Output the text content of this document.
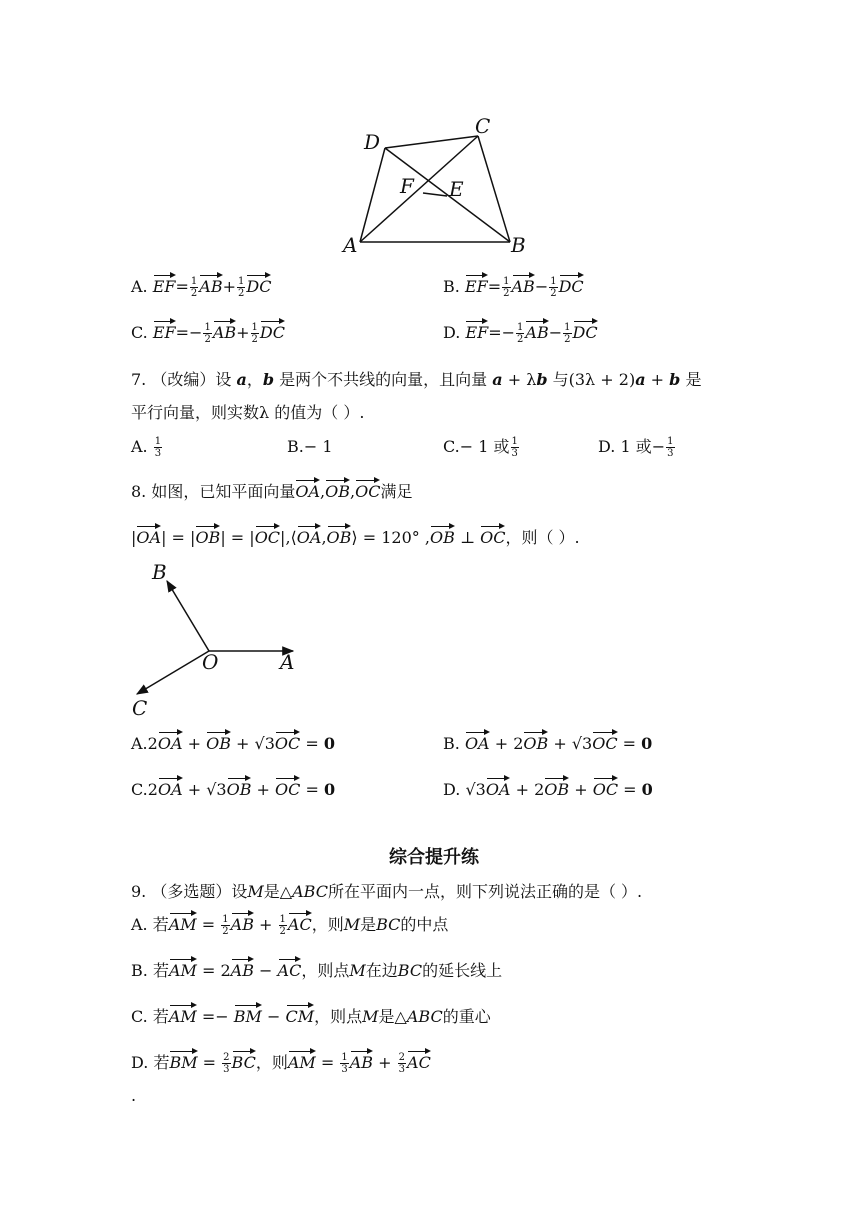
D
C
F E
A	B
A. $EF= \frac{1}{2} AB+ \frac{1}{2}$ DC	B. $EF= \frac{1}{2} AB- \frac{1}{2}$ DC
C. $EF=- \frac{1}{2} AB+ \frac{1}{2}$ DC	D. $EF=- \frac{1}{2} AB- \frac{1}{2}$ DC
7. （改编）设 a，b 是两个不共线的向量，且向量 a + λb 与(3λ + 2)a + b 是
平行向量，则实数λ 的值为（ ）.
A. $\frac{1}{3}$	B.− 1	C.− 1 或 $\frac{1}{3}$	D. 1 或− $\frac{1}{3}$
8. 如图，已知平面向量OA,OB,OC满足
|OA| = |OB| = |OC|,⟨OA,OB⟩ = 120° ,OB ⊥ OC，则（ ）.
B
O	A
C
A.2OA + OB + √3OC = 0	B. OA + 2OB + √3OC = 0
C.2OA + √3OB + OC = 0	D. √3OA + 2OB + OC = 0
综合提升练
9. （多选题）设M是△ABC所在平面内一点，则下列说法正确的是（ ）.
A. 若AM = $\frac{1}{2}$ AB + $\frac{1}{2}$ AC，则M是BC的中点
B. 若AM = 2AB − AC，则点M在边BC的延长线上
C. 若AM =− BM − CM，则点M是△ABC的重心
D. 若BM = $\frac{2}{3}$ BC，则AM = $\frac{1}{3}$ AB + $\frac{2}{3}$ AC
.
